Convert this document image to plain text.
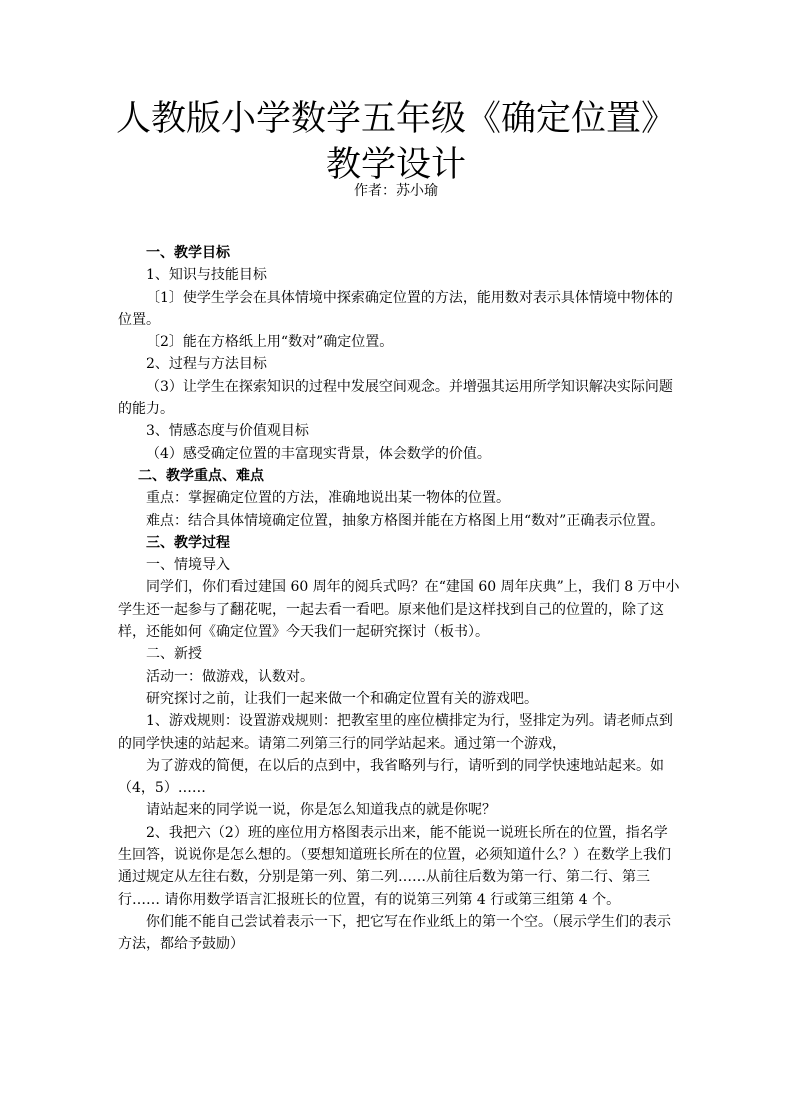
人教版小学数学五年级《确定位置》教学设计

作者：苏小瑜

一、教学目标

1、知识与技能目标

〔1〕使学生学会在具体情境中探索确定位置的方法，能用数对表示具体情境中物体的位置。

〔2〕能在方格纸上用“数对”确定位置。

2、过程与方法目标

（3）让学生在探索知识的过程中发展空间观念。并增强其运用所学知识解决实际问题的能力。

3、情感态度与价值观目标

（4）感受确定位置的丰富现实背景，体会数学的价值。

二、教学重点、难点

重点：掌握确定位置的方法，准确地说出某一物体的位置。

难点：结合具体情境确定位置，抽象方格图并能在方格图上用“数对”正确表示位置。

三、教学过程

一、情境导入

同学们，你们看过建国 60 周年的阅兵式吗？在“建国 60 周年庆典”上，我们 8 万中小学生还一起参与了翻花呢，一起去看一看吧。原来他们是这样找到自己的位置的，除了这样，还能如何《确定位置》今天我们一起研究探讨（板书）。

二、新授

活动一：做游戏，认数对。

研究探讨之前，让我们一起来做一个和确定位置有关的游戏吧。

1、游戏规则：设置游戏规则：把教室里的座位横排定为行，竖排定为列。请老师点到的同学快速的站起来。请第二列第三行的同学站起来。通过第一个游戏，

为了游戏的简便，在以后的点到中，我省略列与行，请听到的同学快速地站起来。如（4，5）……

请站起来的同学说一说，你是怎么知道我点的就是你呢？

2、我把六（2）班的座位用方格图表示出来，能不能说一说班长所在的位置，指名学生回答，说说你是怎么想的。（要想知道班长所在的位置，必须知道什么？）在数学上我们通过规定从左往右数，分别是第一列、第二列……从前往后数为第一行、第二行、第三行…… 请你用数学语言汇报班长的位置，有的说第三列第 4 行或第三组第 4 个。

你们能不能自己尝试着表示一下，把它写在作业纸上的第一个空。（展示学生们的表示方法，都给予鼓励）
